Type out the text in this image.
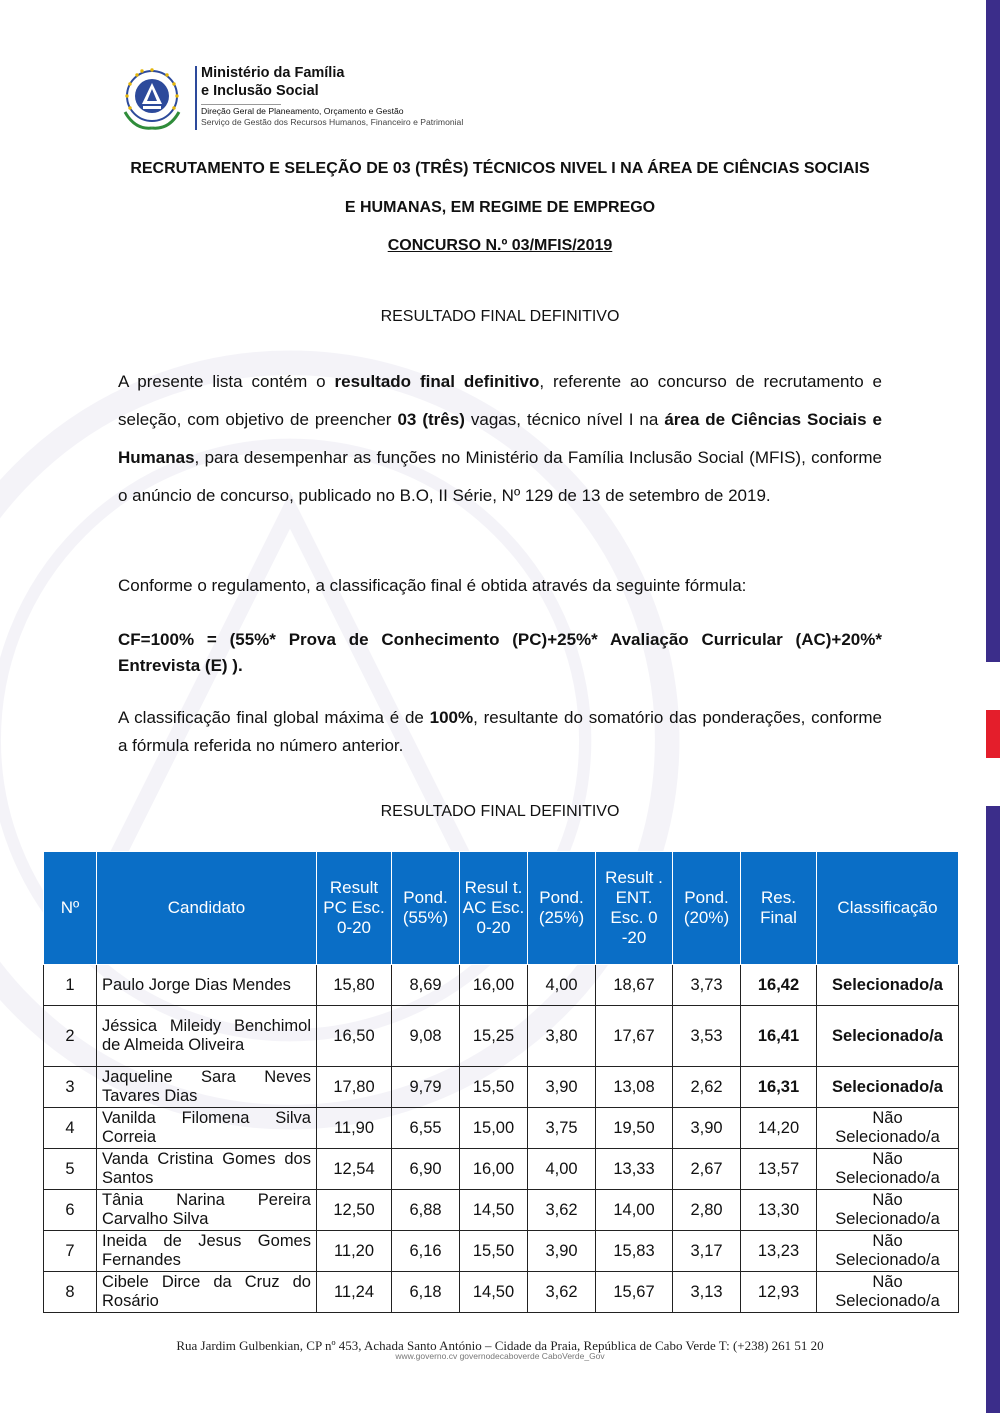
Ministério da Família
e Inclusão Social
Direção Geral de Planeamento, Orçamento e Gestão
Serviço de Gestão dos Recursos Humanos, Financeiro e Patrimonial
RECRUTAMENTO E SELEÇÃO DE 03 (TRÊS) TÉCNICOS NIVEL I NA ÁREA DE CIÊNCIAS SOCIAIS
E HUMANAS, EM REGIME DE EMPREGO
CONCURSO N.º 03/MFIS/2019
RESULTADO FINAL DEFINITIVO
A presente lista contém o resultado final definitivo, referente ao concurso de recrutamento e seleção, com objetivo de preencher 03 (três) vagas, técnico nível I na área de Ciências Sociais e Humanas, para desempenhar as funções no Ministério da Família Inclusão Social (MFIS), conforme o anúncio de concurso, publicado no B.O, II Série, Nº 129 de 13 de setembro de 2019.
Conforme o regulamento, a classificação final é obtida através da seguinte fórmula:
CF=100% = (55%* Prova de Conhecimento (PC)+25%* Avaliação Curricular (AC)+20%* Entrevista (E) ).
A classificação final global máxima é de 100%, resultante do somatório das ponderações, conforme a fórmula referida no número anterior.
RESULTADO FINAL DEFINITIVO
Nº	Candidato	Result PC Esc. 0-20	Pond. (55%)	Resul t. AC Esc. 0-20	Pond. (25%)	Result . ENT. Esc. 0 -20	Pond. (20%)	Res. Final	Classificação
1	Paulo Jorge Dias Mendes	15,80	8,69	16,00	4,00	18,67	3,73	16,42	Selecionado/a
2	Jéssica Mileidy Benchimol de Almeida Oliveira	16,50	9,08	15,25	3,80	17,67	3,53	16,41	Selecionado/a
3	Jaqueline Sara Neves Tavares Dias	17,80	9,79	15,50	3,90	13,08	2,62	16,31	Selecionado/a
4	Vanilda Filomena Silva Correia	11,90	6,55	15,00	3,75	19,50	3,90	14,20	Não Selecionado/a
5	Vanda Cristina Gomes dos Santos	12,54	6,90	16,00	4,00	13,33	2,67	13,57	Não Selecionado/a
6	Tânia Narina Pereira Carvalho Silva	12,50	6,88	14,50	3,62	14,00	2,80	13,30	Não Selecionado/a
7	Ineida de Jesus Gomes Fernandes	11,20	6,16	15,50	3,90	15,83	3,17	13,23	Não Selecionado/a
8	Cibele Dirce da Cruz do Rosário	11,24	6,18	14,50	3,62	15,67	3,13	12,93	Não Selecionado/a
Rua Jardim Gulbenkian, CP nº 453, Achada Santo António – Cidade da Praia, República de Cabo Verde T: (+238) 261 51 20
www.governo.cv governodecaboverde CaboVerde_Gov
